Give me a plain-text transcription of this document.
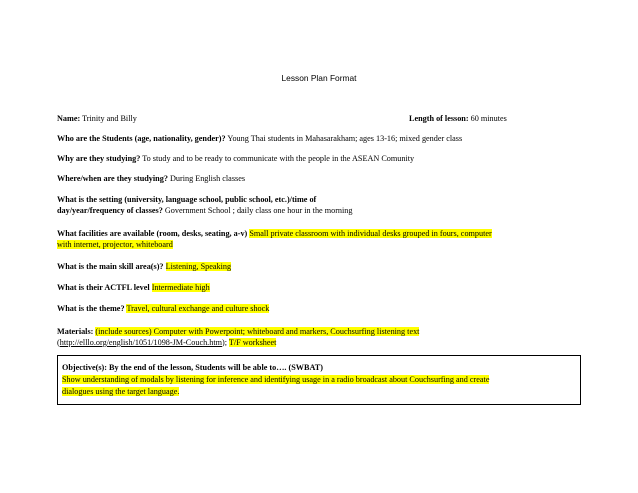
Lesson Plan Format
Name: Trinity and Billy	Length of lesson: 60 minutes
Who are the Students (age, nationality, gender)? Young Thai students in Mahasarakham; ages 13-16; mixed gender class
Why are they studying? To study and to be ready to communicate with the people in the ASEAN Comunity
Where/when are they studying? During English classes
What is the setting (university, language school, public school, etc.)/time of
day/year/frequency of classes? Government School ; daily class one hour in the morning
What facilities are available (room, desks, seating, a-v) Small private classroom with individual desks grouped in fours, computer
with internet, projector, whiteboard
What is the main skill area(s)? Listening, Speaking
What is their ACTFL level Intermediate high
What is the theme? Travel, cultural exchange and culture shock
Materials: (include sources) Computer with Powerpoint; whiteboard and markers, Couchsurfing listening text
(http://elllo.org/english/1051/1098-JM-Couch.htm); T/F worksheet
Objective(s): By the end of the lesson, Students will be able to…. (SWBAT)
Show understanding of modals by listening for inference and identifying usage in a radio broadcast about Couchsurfing and create
dialogues using the target language.
